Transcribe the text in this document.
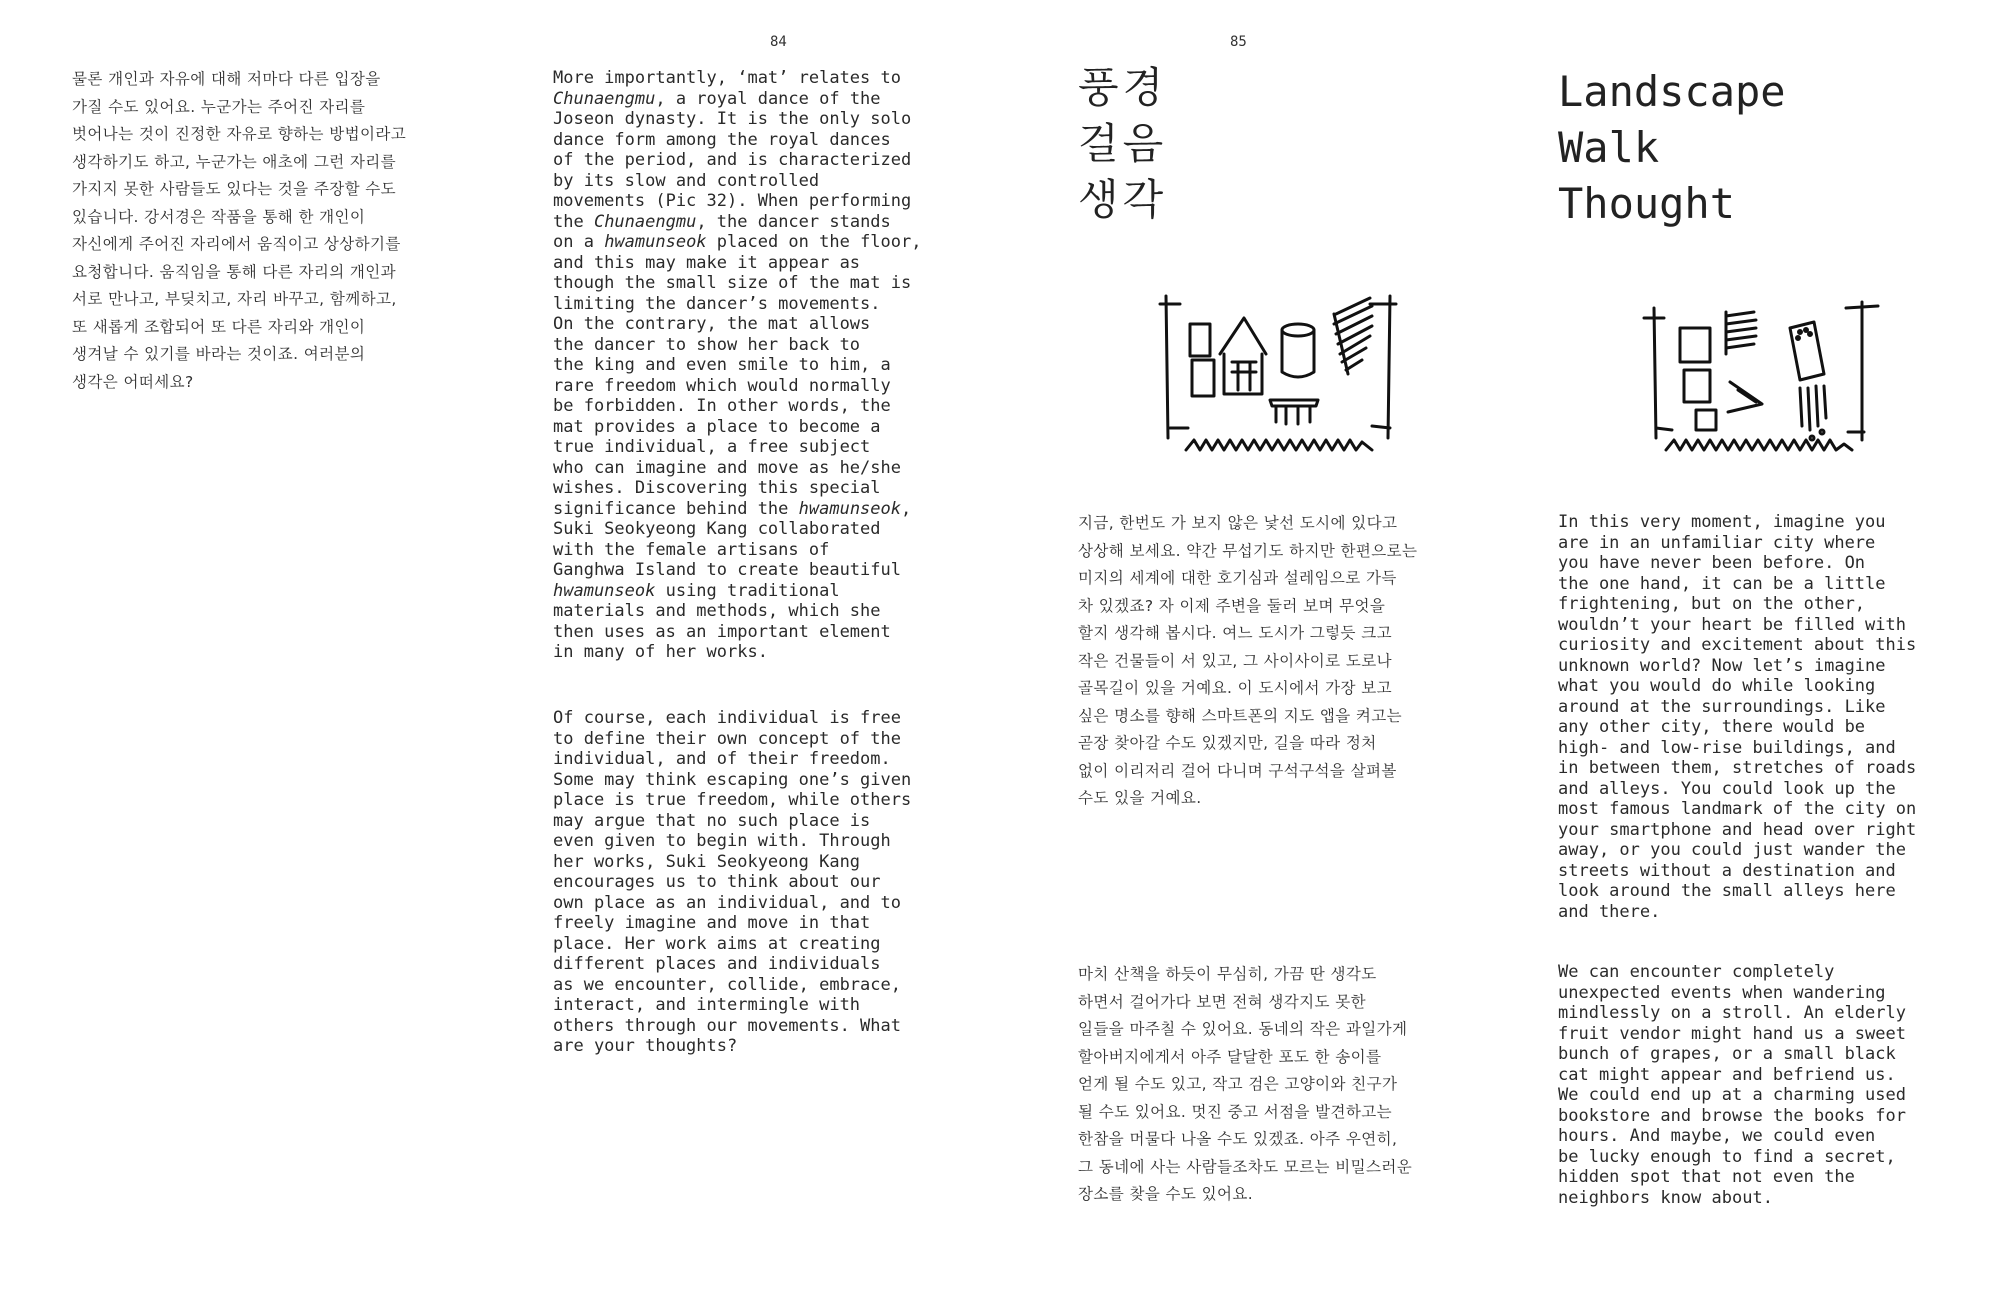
84	85
물론 개인과 자유에 대해 저마다 다른 입장을
가질 수도 있어요. 누군가는 주어진 자리를
벗어나는 것이 진정한 자유로 향하는 방법이라고
생각하기도 하고, 누군가는 애초에 그런 자리를
가지지 못한 사람들도 있다는 것을 주장할 수도
있습니다. 강서경은 작품을 통해 한 개인이
자신에게 주어진 자리에서 움직이고 상상하기를
요청합니다. 움직임을 통해 다른 자리의 개인과
서로 만나고, 부딪치고, 자리 바꾸고, 함께하고,
또 새롭게 조합되어 또 다른 자리와 개인이
생겨날 수 있기를 바라는 것이죠. 여러분의
생각은 어떠세요?
More importantly, ‘mat’ relates to
Chunaengmu, a royal dance of the
Joseon dynasty. It is the only solo
dance form among the royal dances
of the period, and is characterized
by its slow and controlled
movements (Pic 32). When performing
the Chunaengmu, the dancer stands
on a hwamunseok placed on the floor,
and this may make it appear as
though the small size of the mat is
limiting the dancer’s movements.
On the contrary, the mat allows
the dancer to show her back to
the king and even smile to him, a
rare freedom which would normally
be forbidden. In other words, the
mat provides a place to become a
true individual, a free subject
who can imagine and move as he/she
wishes. Discovering this special
significance behind the hwamunseok,
Suki Seokyeong Kang collaborated
with the female artisans of
Ganghwa Island to create beautiful
hwamunseok using traditional
materials and methods, which she
then uses as an important element
in many of her works.
Of course, each individual is free
to define their own concept of the
individual, and of their freedom.
Some may think escaping one’s given
place is true freedom, while others
may argue that no such place is
even given to begin with. Through
her works, Suki Seokyeong Kang
encourages us to think about our
own place as an individual, and to
freely imagine and move in that
place. Her work aims at creating
different places and individuals
as we encounter, collide, embrace,
interact, and intermingle with
others through our movements. What
are your thoughts?
풍경
걸음
생각
Landscape
Walk
Thought
지금, 한번도 가 보지 않은 낯선 도시에 있다고
상상해 보세요. 약간 무섭기도 하지만 한편으로는
미지의 세계에 대한 호기심과 설레임으로 가득
차 있겠죠? 자 이제 주변을 둘러 보며 무엇을
할지 생각해 봅시다. 여느 도시가 그렇듯 크고
작은 건물들이 서 있고, 그 사이사이로 도로나
골목길이 있을 거예요. 이 도시에서 가장 보고
싶은 명소를 향해 스마트폰의 지도 앱을 켜고는
곧장 찾아갈 수도 있겠지만, 길을 따라 정처
없이 이리저리 걸어 다니며 구석구석을 살펴볼
수도 있을 거예요.
마치 산책을 하듯이 무심히, 가끔 딴 생각도
하면서 걸어가다 보면 전혀 생각지도 못한
일들을 마주칠 수 있어요. 동네의 작은 과일가게
할아버지에게서 아주 달달한 포도 한 송이를
얻게 될 수도 있고, 작고 검은 고양이와 친구가
될 수도 있어요. 멋진 중고 서점을 발견하고는
한참을 머물다 나올 수도 있겠죠. 아주 우연히,
그 동네에 사는 사람들조차도 모르는 비밀스러운
장소를 찾을 수도 있어요.
In this very moment, imagine you
are in an unfamiliar city where
you have never been before. On
the one hand, it can be a little
frightening, but on the other,
wouldn’t your heart be filled with
curiosity and excitement about this
unknown world? Now let’s imagine
what you would do while looking
around at the surroundings. Like
any other city, there would be
high- and low-rise buildings, and
in between them, stretches of roads
and alleys. You could look up the
most famous landmark of the city on
your smartphone and head over right
away, or you could just wander the
streets without a destination and
look around the small alleys here
and there.
We can encounter completely
unexpected events when wandering
mindlessly on a stroll. An elderly
fruit vendor might hand us a sweet
bunch of grapes, or a small black
cat might appear and befriend us.
We could end up at a charming used
bookstore and browse the books for
hours. And maybe, we could even
be lucky enough to find a secret,
hidden spot that not even the
neighbors know about.
